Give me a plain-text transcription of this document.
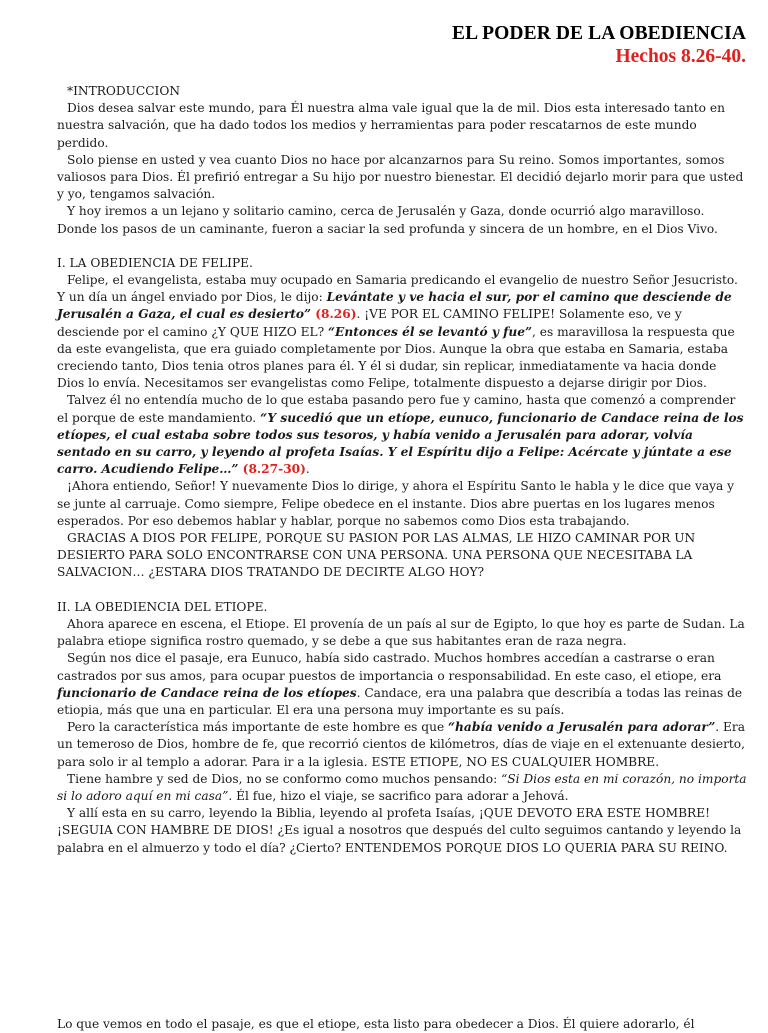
EL PODER DE LA OBEDIENCIA
Hechos 8.26-40.

*INTRODUCCION

Dios desea salvar este mundo, para Él nuestra alma vale igual que la de mil. Dios esta interesado tanto en nuestra salvación, que ha dado todos los medios y herramientas para poder rescatarnos de este mundo perdido.

Solo piense en usted y vea cuanto Dios no hace por alcanzarnos para Su reino. Somos importantes, somos valiosos para Dios. Él prefirió entregar a Su hijo por nuestro bienestar. El decidió dejarlo morir para que usted y yo, tengamos salvación.

Y hoy iremos a un lejano y solitario camino, cerca de Jerusalén y Gaza, donde ocurrió algo maravilloso. Donde los pasos de un caminante, fueron a saciar la sed profunda y sincera de un hombre, en el Dios Vivo.

I. LA OBEDIENCIA DE FELIPE.

Felipe, el evangelista, estaba muy ocupado en Samaria predicando el evangelio de nuestro Señor Jesucristo. Y un día un ángel enviado por Dios, le dijo: Levántate y ve hacia el sur, por el camino que desciende de Jerusalén a Gaza, el cual es desierto” (8.26). ¡VE POR EL CAMINO FELIPE! Solamente eso, ve y desciende por el camino ¿Y QUE HIZO EL? “Entonces él se levantó y fue”, es maravillosa la respuesta que da este evangelista, que era guiado completamente por Dios. Aunque la obra que estaba en Samaria, estaba creciendo tanto, Dios tenia otros planes para él. Y él si dudar, sin replicar, inmediatamente va hacia donde Dios lo envía. Necesitamos ser evangelistas como Felipe, totalmente dispuesto a dejarse dirigir por Dios.

Talvez él no entendía mucho de lo que estaba pasando pero fue y camino, hasta que comenzó a comprender el porque de este mandamiento. “Y sucedió que un etíope, eunuco, funcionario de Candace reina de los etíopes, el cual estaba sobre todos sus tesoros, y había venido a Jerusalén para adorar, volvía sentado en su carro, y leyendo al profeta Isaías. Y el Espíritu dijo a Felipe: Acércate y júntate a ese carro. Acudiendo Felipe…” (8.27-30).

¡Ahora entiendo, Señor! Y nuevamente Dios lo dirige, y ahora el Espíritu Santo le habla y le dice que vaya y se junte al carruaje. Como siempre, Felipe obedece en el instante. Dios abre puertas en los lugares menos esperados. Por eso debemos hablar y hablar, porque no sabemos como Dios esta trabajando.

GRACIAS A DIOS POR FELIPE, PORQUE SU PASION POR LAS ALMAS, LE HIZO CAMINAR POR UN DESIERTO PARA SOLO ENCONTRARSE CON UNA PERSONA. UNA PERSONA QUE NECESITABA LA SALVACION… ¿ESTARA DIOS TRATANDO DE DECIRTE ALGO HOY?

II. LA OBEDIENCIA DEL ETIOPE.

Ahora aparece en escena, el Etiope. El provenía de un país al sur de Egipto, lo que hoy es parte de Sudan. La palabra etiope significa rostro quemado, y se debe a que sus habitantes eran de raza negra.

Según nos dice el pasaje, era Eunuco, había sido castrado. Muchos hombres accedían a castrarse o eran castrados por sus amos, para ocupar puestos de importancia o responsabilidad. En este caso, el etiope, era funcionario de Candace reina de los etíopes. Candace, era una palabra que describía a todas las reinas de etiopia, más que una en particular. El era una persona muy importante es su país.

Pero la característica más importante de este hombre es que “había venido a Jerusalén para adorar”. Era un temeroso de Dios, hombre de fe, que recorrió cientos de kilómetros, días de viaje en el extenuante desierto, para solo ir al templo a adorar. Para ir a la iglesia. ESTE ETIOPE, NO ES CUALQUIER HOMBRE.

Tiene hambre y sed de Dios, no se conformo como muchos pensando: “Si Dios esta en mi corazón, no importa si lo adoro aquí en mi casa”. Él fue, hizo el viaje, se sacrifico para adorar a Jehová.

Y allí esta en su carro, leyendo la Biblia, leyendo al profeta Isaías, ¡QUE DEVOTO ERA ESTE HOMBRE! ¡SEGUIA CON HAMBRE DE DIOS! ¿Es igual a nosotros que después del culto seguimos cantando y leyendo la palabra en el almuerzo y todo el día? ¿Cierto? ENTENDEMOS PORQUE DIOS LO QUERIA PARA SU REINO.

Lo que vemos en todo el pasaje, es que el etiope, esta listo para obedecer a Dios. Él quiere adorarlo, él
